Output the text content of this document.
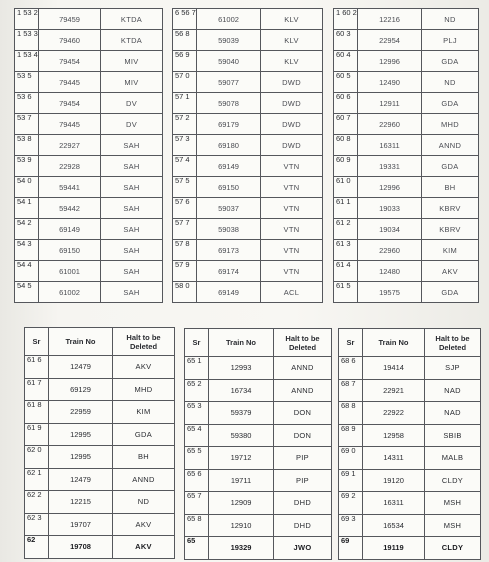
1 53 2	79459	KTDA
1 53 3	79460	KTDA
1 53 4	79454	MIV
53 5	79445	MIV
53 6	79454	DV
53 7	79445	DV
53 8	22927	SAH
53 9	22928	SAH
54 0	59441	SAH
54 1	59442	SAH
54 2	69149	SAH
54 3	69150	SAH
54 4	61001	SAH
54 5	61002	SAH
6 56 7	61002	KLV
56 8	59039	KLV
56 9	59040	KLV
57 0	59077	DWD
57 1	59078	DWD
57 2	69179	DWD
57 3	69180	DWD
57 4	69149	VTN
57 5	69150	VTN
57 6	59037	VTN
57 7	59038	VTN
57 8	69173	VTN
57 9	69174	VTN
58 0	69149	ACL
1 60 2	12216	ND
60 3	22954	PLJ
60 4	12996	GDA
60 5	12490	ND
60 6	12911	GDA
60 7	22960	MHD
60 8	16311	ANND
60 9	19331	GDA
61 0	12996	BH
61 1	19033	KBRV
61 2	19034	KBRV
61 3	22960	KIM
61 4	12480	AKV
61 5	19575	GDA
Sr	Train No	Halt to be Deleted
61 6	12479	AKV
61 7	69129	MHD
61 8	22959	KIM
61 9	12995	GDA
62 0	12995	BH
62 1	12479	ANND
62 2	12215	ND
62 3	19707	AKV
62	19708	AKV
Sr	Train No	Halt to be Deleted
65 1	12993	ANND
65 2	16734	ANND
65 3	59379	DON
65 4	59380	DON
65 5	19712	PIP
65 6	19711	PIP
65 7	12909	DHD
65 8	12910	DHD
65	19329	JWO
Sr	Train No	Halt to be Deleted
68 6	19414	SJP
68 7	22921	NAD
68 8	22922	NAD
68 9	12958	SBIB
69 0	14311	MALB
69 1	19120	CLDY
69 2	16311	MSH
69 3	16534	MSH
69	19119	CLDY
